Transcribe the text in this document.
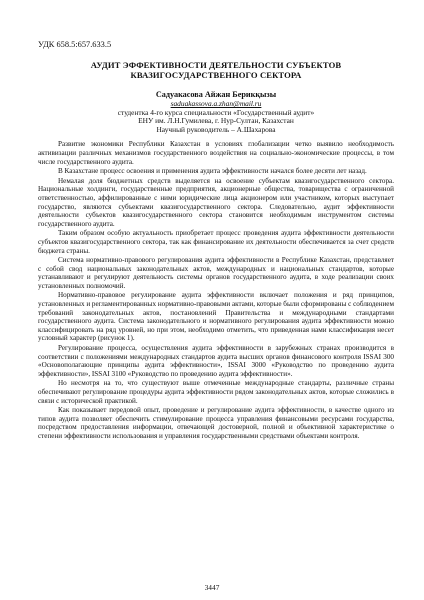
УДК 658.5:657.633.5
АУДИТ ЭФФЕКТИВНОСТИ ДЕЯТЕЛЬНОСТИ СУБЪЕКТОВ
КВАЗИГОСУДАРСТВЕННОГО СЕКТОРА
Садуакасова Айжан Берикқызы
saduakassova.a.zhan@mail.ru
студентка 4-го курса специальности «Государственный аудит»
ЕНУ им. Л.Н.Гумилева, г. Нур-Султан, Казахстан
Научный руководитель – А.Шахарова

Развитие экономики Республики Казахстан в условиях глобализации четко выявило необходимость активизации различных механизмов государственного воздействия на социально-экономические процессы, в том числе государственного аудита.

В Казахстане процесс освоения и применения аудита эффективности начался более десяти лет назад.

Немалая доля бюджетных средств выделяется на освоение субъектам квазигосударственного сектора. Национальные холдинги, государственные предприятия, акционерные общества, товарищества с ограниченной ответственностью, аффилированные с ними юридические лица акционером или участником, которых выступает государство, являются субъектами квазигосударственного сектора. Следовательно, аудит эффективности деятельности субъектов квазигосударственного сектора становится необходимым инструментом системы государственного аудита.

Таким образом особую актуальность приобретает процесс проведения аудита эффективности деятельности субъектов квазигосударственного сектора, так как финансирование их деятельности обеспечивается за счет средств бюджета страны.

Система нормативно-правового регулирования аудита эффективности в Республике Казахстан, представляет с собой свод национальных законодательных актов, международных и национальных стандартов, которые устанавливают и регулируют деятельность системы органов государственного аудита, в ходе реализации своих установленных полномочий.

Нормативно-правовое регулирование аудита эффективности включает положения и ряд принципов, установленных и регламентированных нормативно-правовыми актами, которые были сформированы с соблюдением требований законодательных актов, постановлений Правительства и международными стандартами государственного аудита. Система законодательного и нормативного регулирования аудита эффективности можно классифицировать на ряд уровней, но при этом, необходимо отметить, что приведенная нами классификация несет условный характер (рисунок 1).

Регулирование процесса, осуществления аудита эффективности в зарубежных странах производится в соответствии с положениями международных стандартов аудита высших органов финансового контроля ISSAI 300 «Основополагающие принципы аудита эффективности», ISSAI 3000 «Руководство по проведению аудита эффективности», ISSAI 3100 «Руководство по проведению аудита эффективности».

Но несмотря на то, что существуют выше отмеченные международные стандарты, различные страны обеспечивают регулирование процедуры аудита эффективности рядом законодательных актов, которые сложились в связи с исторической практикой.

Как показывает передовой опыт, проведение и регулирование аудита эффективности, в качестве одного из типов аудита позволяет обеспечить стимулирование процесса управления финансовыми ресурсами государства, посредством предоставления информации, отвечающей достоверной, полной и объективной характеристике о степени эффективности использования и управления государственными средствами объектами контроля.

3447
